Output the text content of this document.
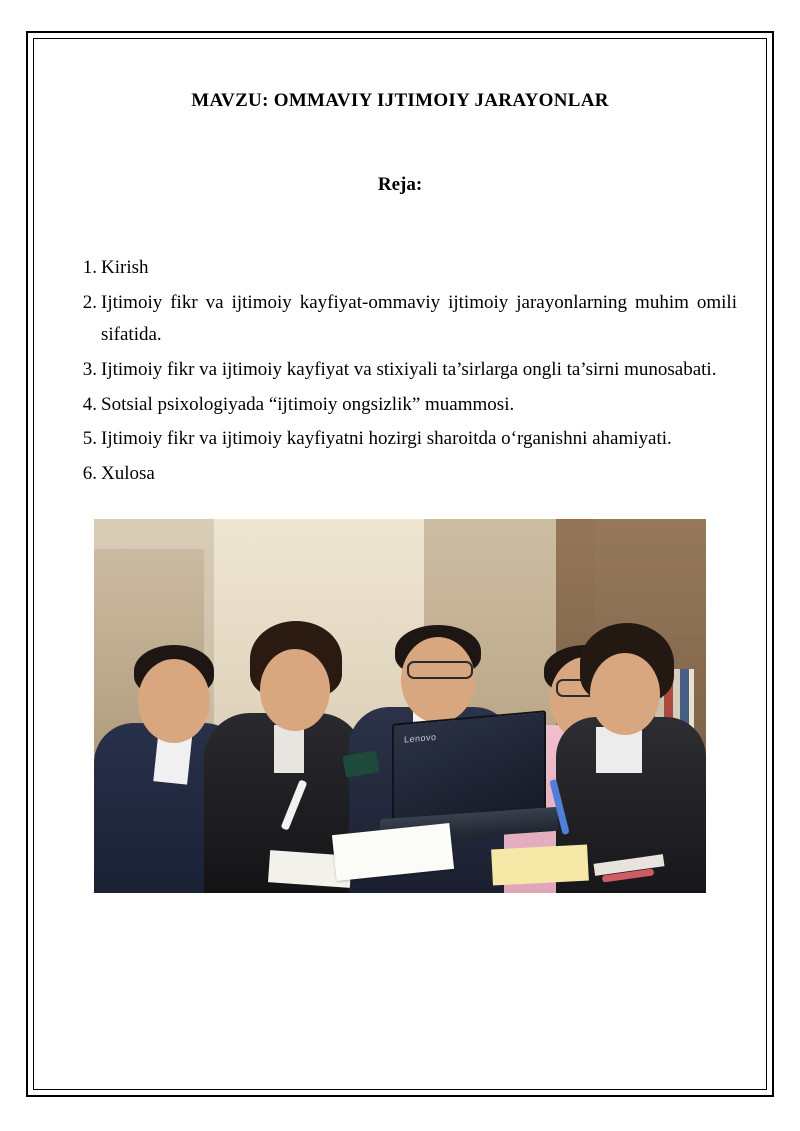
MAVZU: OMMAVIY IJTIMOIY JARAYONLAR
Reja:
1. Kirish
2. Ijtimoiy fikr va ijtimoiy kayfiyat-ommaviy ijtimoiy jarayonlarning muhim omili sifatida.
3. Ijtimoiy fikr va ijtimoiy kayfiyat va stixiyali ta’sirlarga ongli ta’sirni munosabati.
4. Sotsial psixologiyada “ijtimoiy ongsizlik” muammosi.
5. Ijtimoiy fikr va ijtimoiy kayfiyatni hozirgi sharoitda o‘rganishni ahamiyati.
6. Xulosa
Lenovo
